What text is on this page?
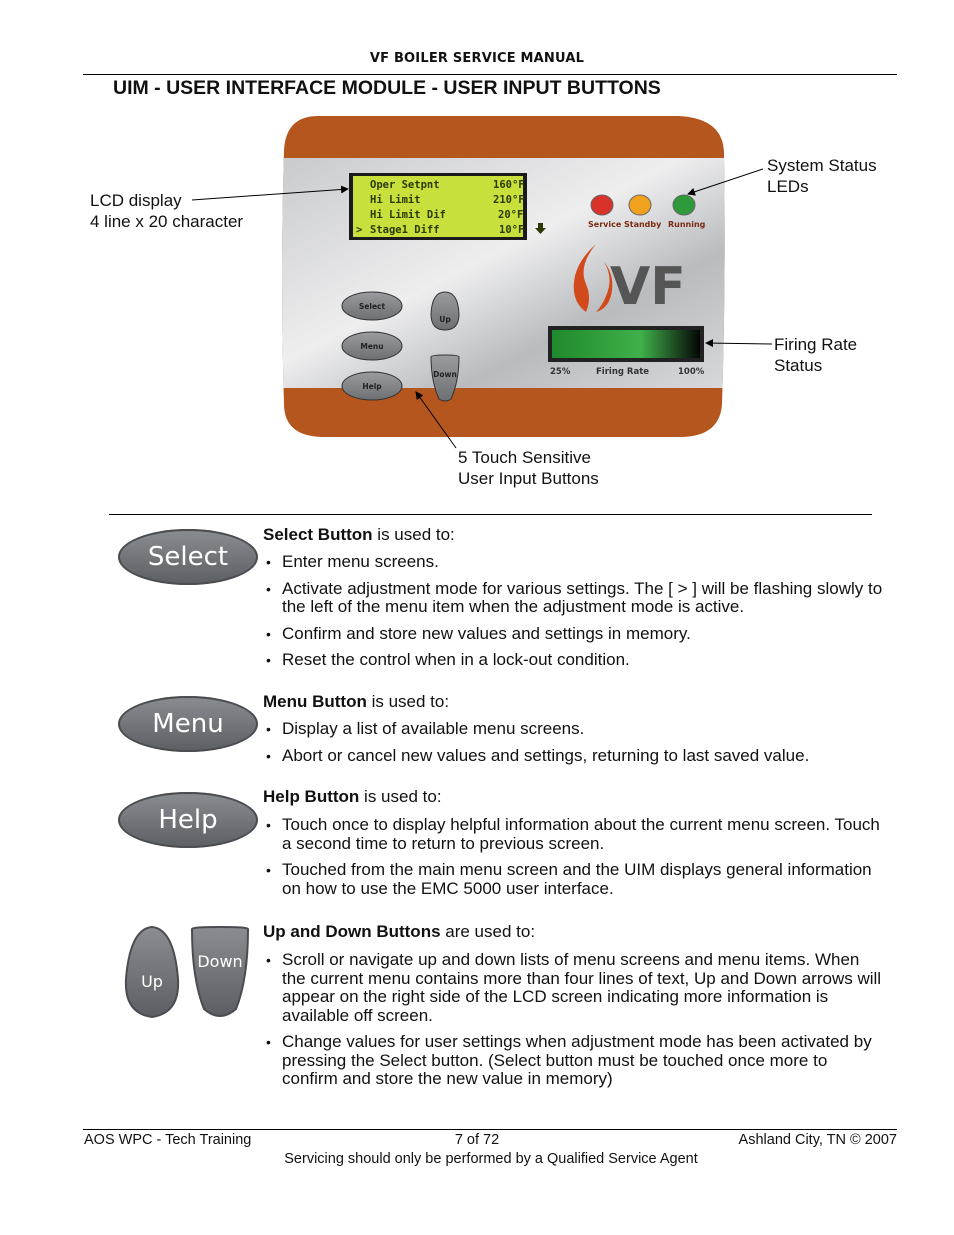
VF BOILER SERVICE MANUAL
UIM - USER INTERFACE MODULE - USER INPUT BUTTONS
Oper Setpnt	160°F
Hi Limit	210°F
Hi Limit Dif	20°F
> Stage1 Diff	10°F	Service Standby Running
VF
25%	Firing Rate	100%
Select
Menu
Help
Up
Down
LCD display
4 line x 20 character
System Status
LEDs
Firing Rate
Status
5 Touch Sensitive
User Input Buttons
Select
Select Button is used to:
• Enter menu screens.
• Activate adjustment mode for various settings. The [ > ] will be flashing slowly to the left of the menu item when the adjustment mode is active.
• Confirm and store new values and settings in memory.
• Reset the control when in a lock-out condition.
Menu
Menu Button is used to:
• Display a list of available menu screens.
• Abort or cancel new values and settings, returning to last saved value.
Help
Help Button is used to:
• Touch once to display helpful information about the current menu screen. Touch a second time to return to previous screen.
• Touched from the main menu screen and the UIM displays general information on how to use the EMC 5000 user interface.
Up
Down
Up and Down Buttons are used to:
• Scroll or navigate up and down lists of menu screens and menu items. When the current menu contains more than four lines of text, Up and Down arrows will appear on the right side of the LCD screen indicating more information is available off screen.
• Change values for user settings when adjustment mode has been activated by pressing the Select button. (Select button must be touched once more to confirm and store the new value in memory)
AOS WPC - Tech Training	7 of 72	Ashland City, TN © 2007
Servicing should only be performed by a Qualified Service Agent
